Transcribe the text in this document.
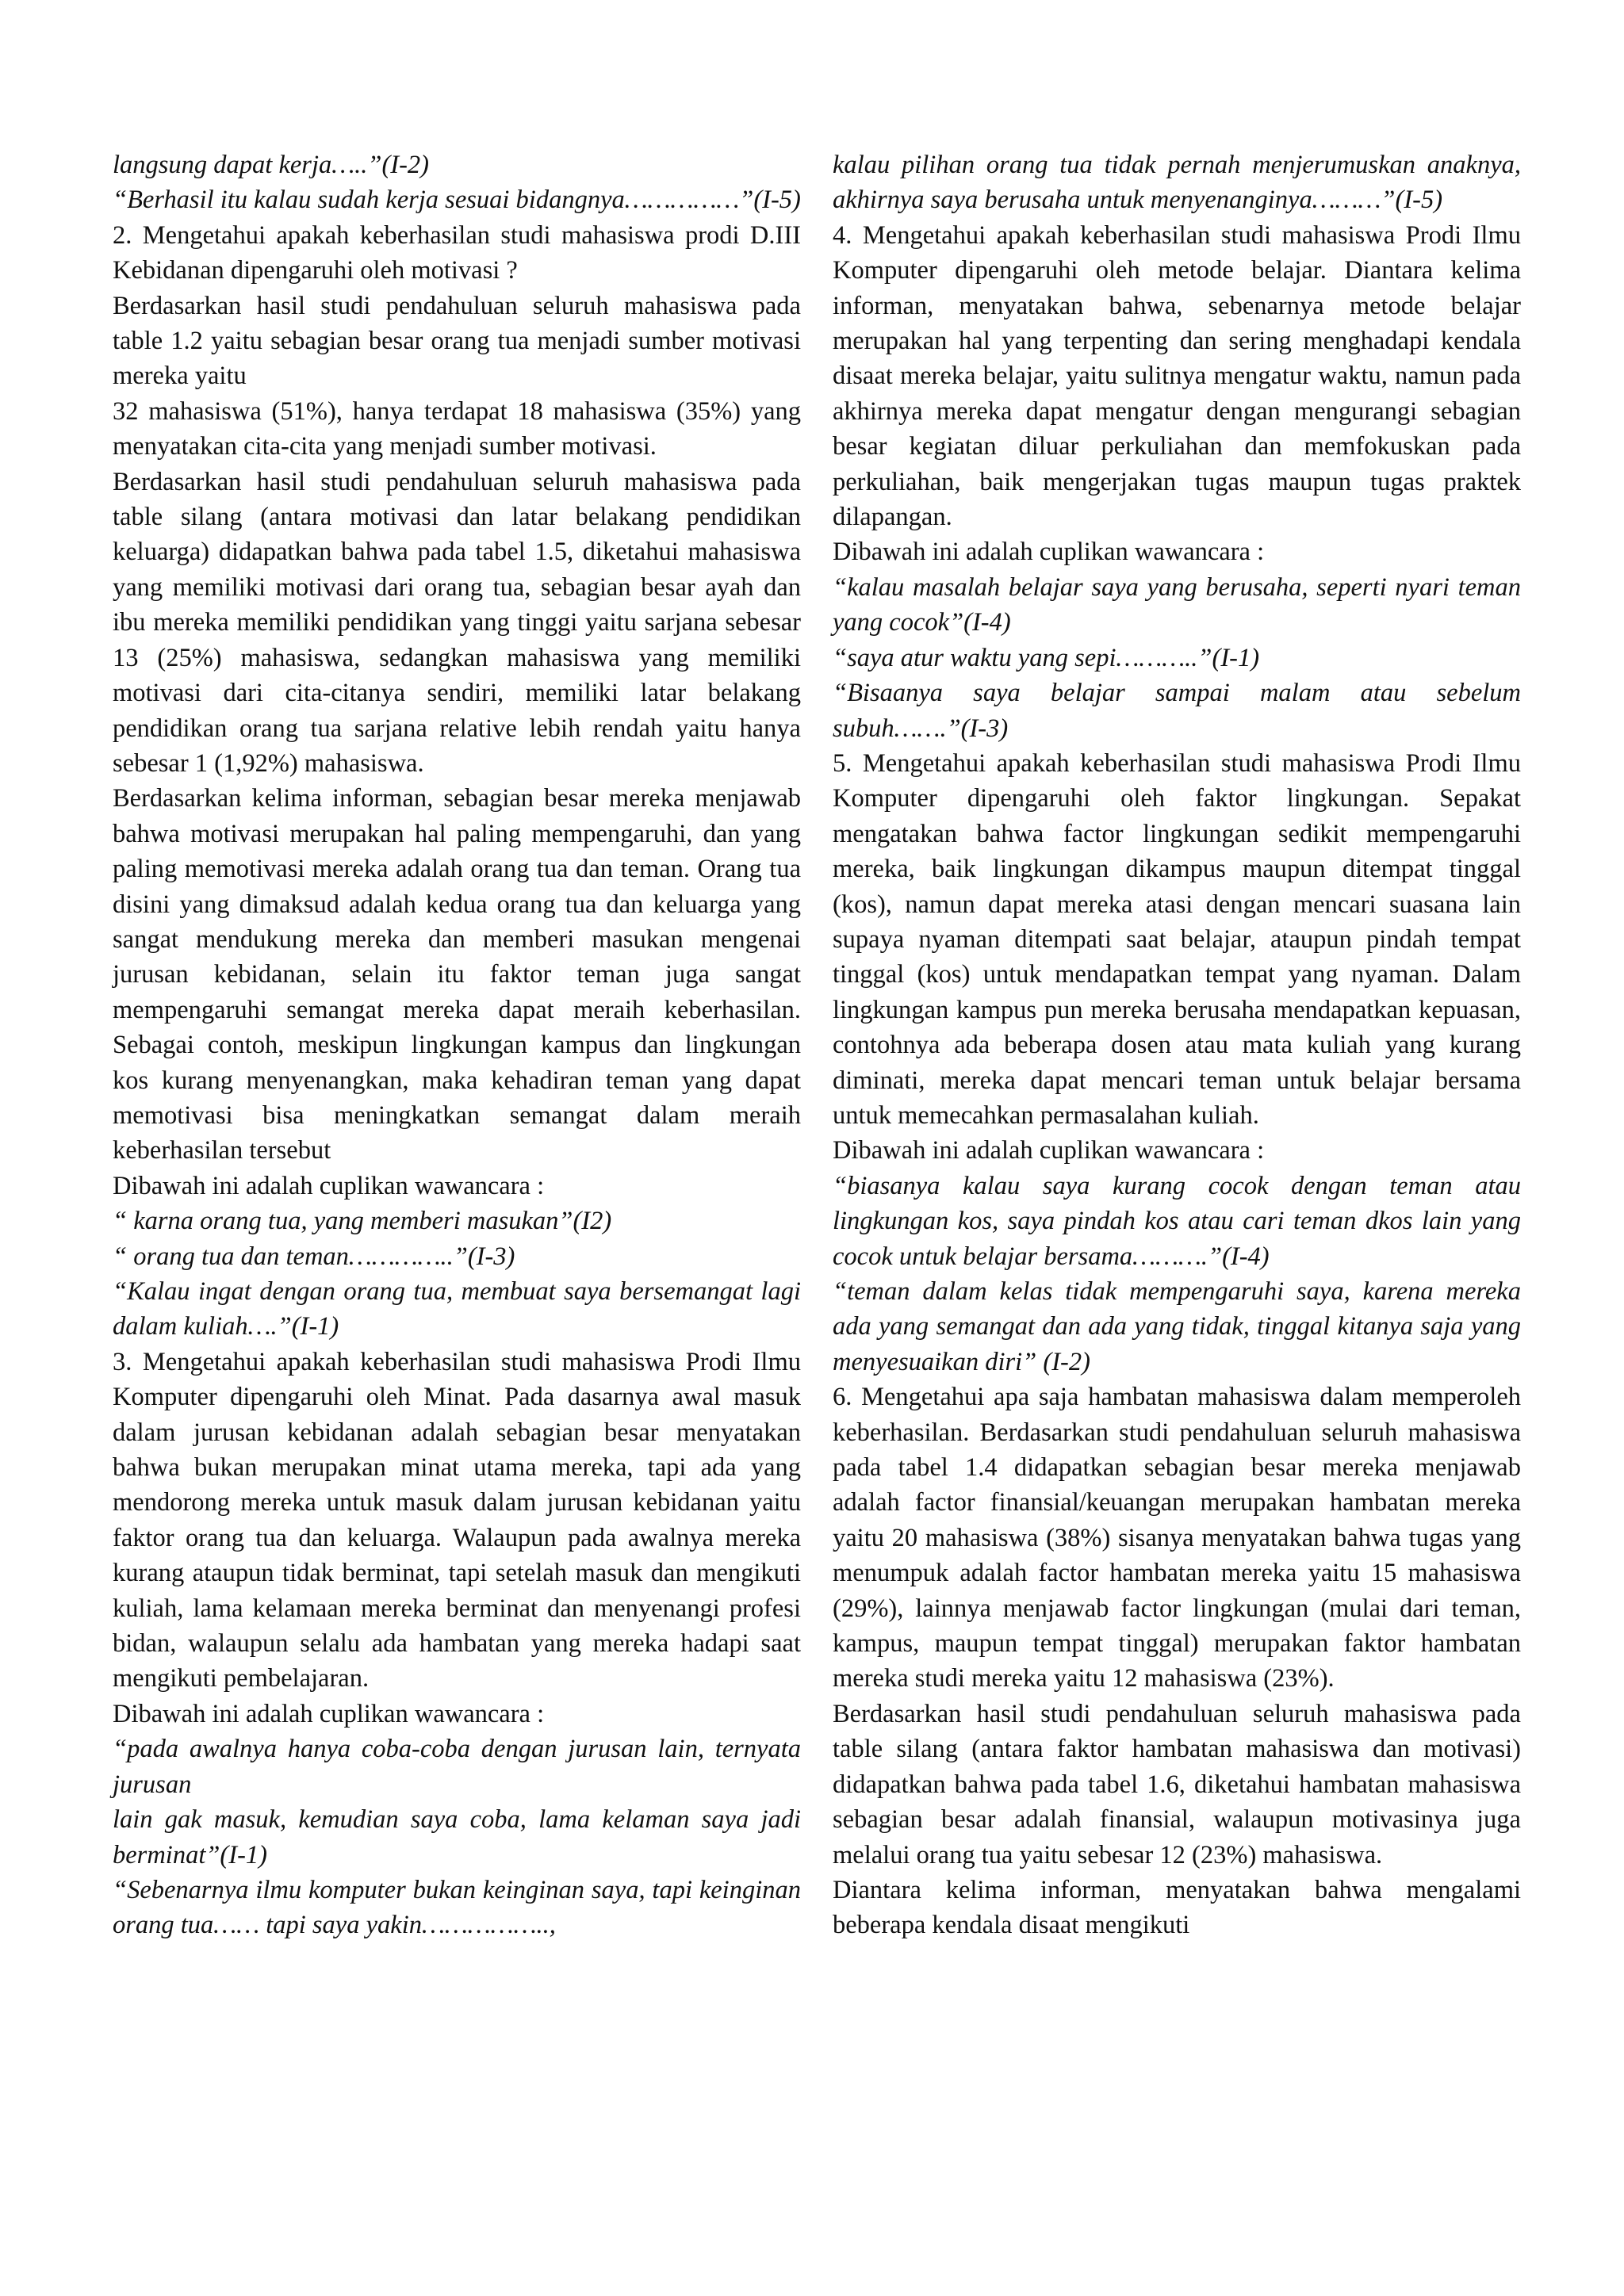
langsung dapat kerja…..”(I-2)

“Berhasil itu kalau sudah kerja sesuai bidangnya……………”(I-5)

2. Mengetahui apakah keberhasilan studi mahasiswa prodi D.III Kebidanan dipengaruhi oleh motivasi ?

Berdasarkan hasil studi pendahuluan seluruh mahasiswa pada table 1.2 yaitu sebagian besar orang tua menjadi sumber motivasi mereka yaitu

32 mahasiswa (51%), hanya terdapat 18 mahasiswa (35%) yang menyatakan cita-cita yang menjadi sumber motivasi.

Berdasarkan hasil studi pendahuluan seluruh mahasiswa pada table silang (antara motivasi dan latar belakang pendidikan keluarga) didapatkan bahwa pada tabel 1.5, diketahui mahasiswa yang memiliki motivasi dari orang tua, sebagian besar ayah dan ibu mereka memiliki pendidikan yang tinggi yaitu sarjana sebesar 13 (25%) mahasiswa, sedangkan mahasiswa yang memiliki motivasi dari cita-citanya sendiri, memiliki latar belakang pendidikan orang tua sarjana relative lebih rendah yaitu hanya sebesar 1 (1,92%) mahasiswa.

Berdasarkan kelima informan, sebagian besar mereka menjawab bahwa motivasi merupakan hal paling mempengaruhi, dan yang paling memotivasi mereka adalah orang tua dan teman. Orang tua disini yang dimaksud adalah kedua orang tua dan keluarga yang sangat mendukung mereka dan memberi masukan mengenai jurusan kebidanan, selain itu faktor teman juga sangat mempengaruhi semangat mereka dapat meraih keberhasilan. Sebagai contoh, meskipun lingkungan kampus dan lingkungan kos kurang menyenangkan, maka kehadiran teman yang dapat memotivasi bisa meningkatkan semangat dalam meraih keberhasilan tersebut

Dibawah ini adalah cuplikan wawancara :

“ karna orang tua, yang memberi masukan”(I2)

“ orang tua dan teman…………..”(I-3)

“Kalau ingat dengan orang tua, membuat saya bersemangat lagi dalam kuliah….”(I-1)

3. Mengetahui apakah keberhasilan studi mahasiswa Prodi Ilmu Komputer dipengaruhi oleh Minat. Pada dasarnya awal masuk dalam jurusan kebidanan adalah sebagian besar menyatakan bahwa bukan merupakan minat utama mereka, tapi ada yang mendorong mereka untuk masuk dalam jurusan kebidanan yaitu faktor orang tua dan keluarga. Walaupun pada awalnya mereka kurang ataupun tidak berminat, tapi setelah masuk dan mengikuti kuliah, lama kelamaan mereka berminat dan menyenangi profesi bidan, walaupun selalu ada hambatan yang mereka hadapi saat mengikuti pembelajaran.

Dibawah ini adalah cuplikan wawancara :

“pada awalnya hanya coba-coba dengan jurusan lain, ternyata jurusan

lain gak masuk, kemudian saya coba, lama kelaman saya jadi berminat”(I-1)

“Sebenarnya ilmu komputer bukan keinginan saya, tapi keinginan orang tua…… tapi saya yakin……………..,

kalau pilihan orang tua tidak pernah menjerumuskan anaknya, akhirnya saya berusaha untuk menyenanginya………”(I-5)

4. Mengetahui apakah keberhasilan studi mahasiswa Prodi Ilmu Komputer dipengaruhi oleh metode belajar. Diantara kelima informan, menyatakan bahwa, sebenarnya metode belajar merupakan hal yang terpenting dan sering menghadapi kendala disaat mereka belajar, yaitu sulitnya mengatur waktu, namun pada akhirnya mereka dapat mengatur dengan mengurangi sebagian besar kegiatan diluar perkuliahan dan memfokuskan pada perkuliahan, baik mengerjakan tugas maupun tugas praktek dilapangan.

Dibawah ini adalah cuplikan wawancara :

“kalau masalah belajar saya yang berusaha, seperti nyari teman yang cocok”(I-4)

“saya atur waktu yang sepi………..”(I-1)

“Bisaanya saya belajar sampai malam atau sebelum subuh…….”(I-3)

5. Mengetahui apakah keberhasilan studi mahasiswa Prodi Ilmu Komputer dipengaruhi oleh faktor lingkungan. Sepakat mengatakan bahwa factor lingkungan sedikit mempengaruhi mereka, baik lingkungan dikampus maupun ditempat tinggal (kos), namun dapat mereka atasi dengan mencari suasana lain supaya nyaman ditempati saat belajar, ataupun pindah tempat tinggal (kos) untuk mendapatkan tempat yang nyaman. Dalam lingkungan kampus pun mereka berusaha mendapatkan kepuasan, contohnya ada beberapa dosen atau mata kuliah yang kurang diminati, mereka dapat mencari teman untuk belajar bersama untuk memecahkan permasalahan kuliah.

Dibawah ini adalah cuplikan wawancara :

“biasanya kalau saya kurang cocok dengan teman atau lingkungan kos, saya pindah kos atau cari teman dkos lain yang cocok untuk belajar bersama……….”(I-4)

“teman dalam kelas tidak mempengaruhi saya, karena mereka ada yang semangat dan ada yang tidak, tinggal kitanya saja yang menyesuaikan diri” (I-2)

6. Mengetahui apa saja hambatan mahasiswa dalam memperoleh keberhasilan. Berdasarkan studi pendahuluan seluruh mahasiswa pada tabel 1.4 didapatkan sebagian besar mereka menjawab adalah factor finansial/keuangan merupakan hambatan mereka yaitu 20 mahasiswa (38%) sisanya menyatakan bahwa tugas yang menumpuk adalah factor hambatan mereka yaitu 15 mahasiswa (29%), lainnya menjawab factor lingkungan (mulai dari teman, kampus, maupun tempat tinggal) merupakan faktor hambatan mereka studi mereka yaitu 12 mahasiswa (23%).

Berdasarkan hasil studi pendahuluan seluruh mahasiswa pada table silang (antara faktor hambatan mahasiswa dan motivasi) didapatkan bahwa pada tabel 1.6, diketahui hambatan mahasiswa sebagian besar adalah finansial, walaupun motivasinya juga melalui orang tua yaitu sebesar 12 (23%) mahasiswa.

Diantara kelima informan, menyatakan bahwa mengalami beberapa kendala disaat mengikuti
